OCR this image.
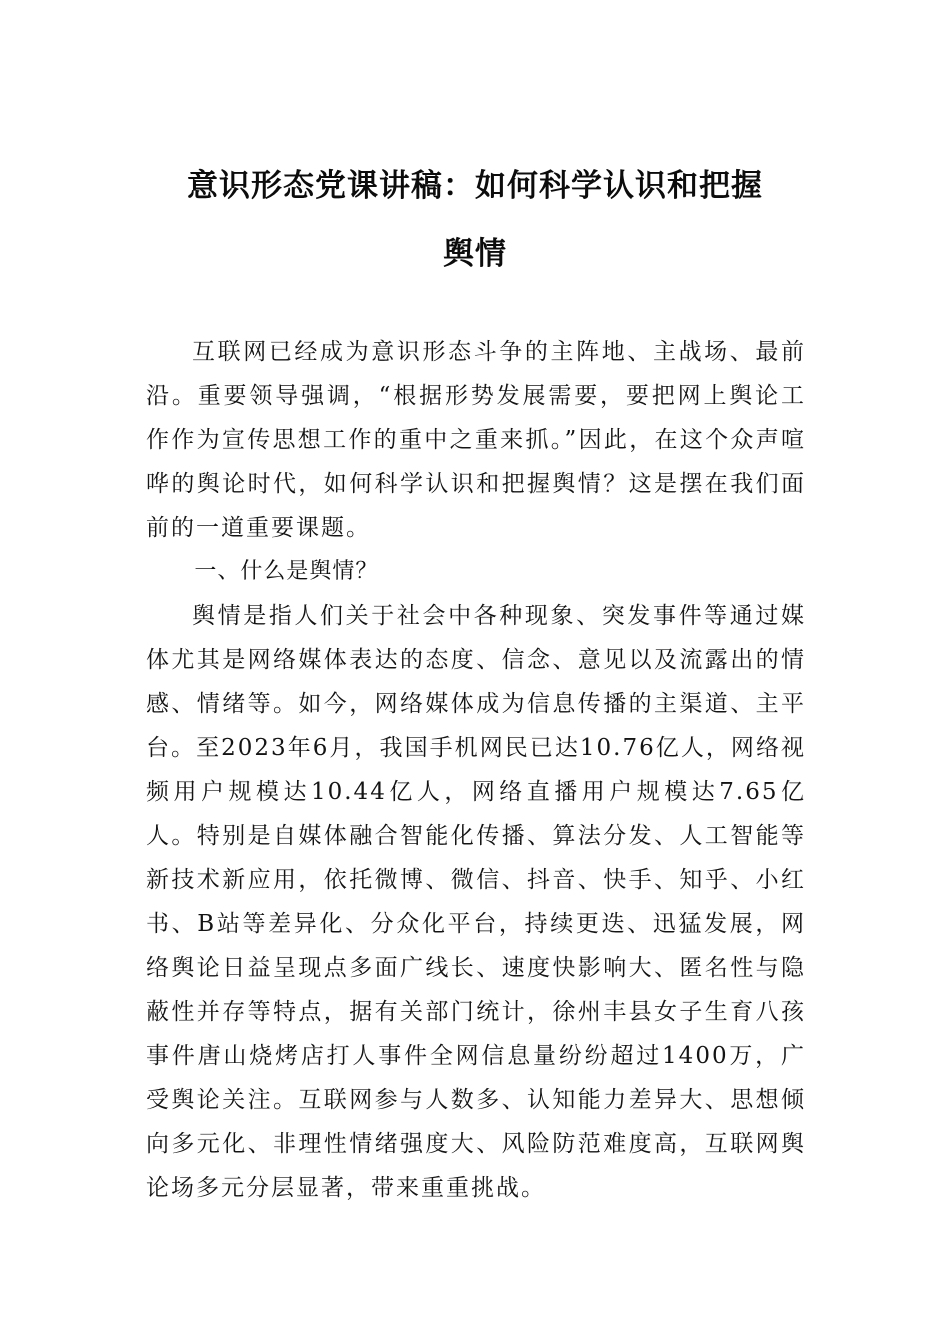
意识形态党课讲稿：如何科学认识和把握
舆情

互联网已经成为意识形态斗争的主阵地、主战场、最前沿。重要领导强调，“根据形势发展需要，要把网上舆论工作作为宣传思想工作的重中之重来抓。”因此，在这个众声喧哗的舆论时代，如何科学认识和把握舆情？这是摆在我们面前的一道重要课题。

一、什么是舆情？

舆情是指人们关于社会中各种现象、突发事件等通过媒体尤其是网络媒体表达的态度、信念、意见以及流露出的情感、情绪等。如今，网络媒体成为信息传播的主渠道、主平台。至2023年6月，我国手机网民已达10.76亿人，网络视频用户规模达10.44亿人，网络直播用户规模达7.65亿人。特别是自媒体融合智能化传播、算法分发、人工智能等新技术新应用，依托微博、微信、抖音、快手、知乎、小红书、B站等差异化、分众化平台，持续更迭、迅猛发展，网络舆论日益呈现点多面广线长、速度快影响大、匿名性与隐蔽性并存等特点，据有关部门统计，徐州丰县女子生育八孩事件唐山烧烤店打人事件全网信息量纷纷超过1400万，广受舆论关注。互联网参与人数多、认知能力差异大、思想倾向多元化、非理性情绪强度大、风险防范难度高，互联网舆论场多元分层显著，带来重重挑战。
